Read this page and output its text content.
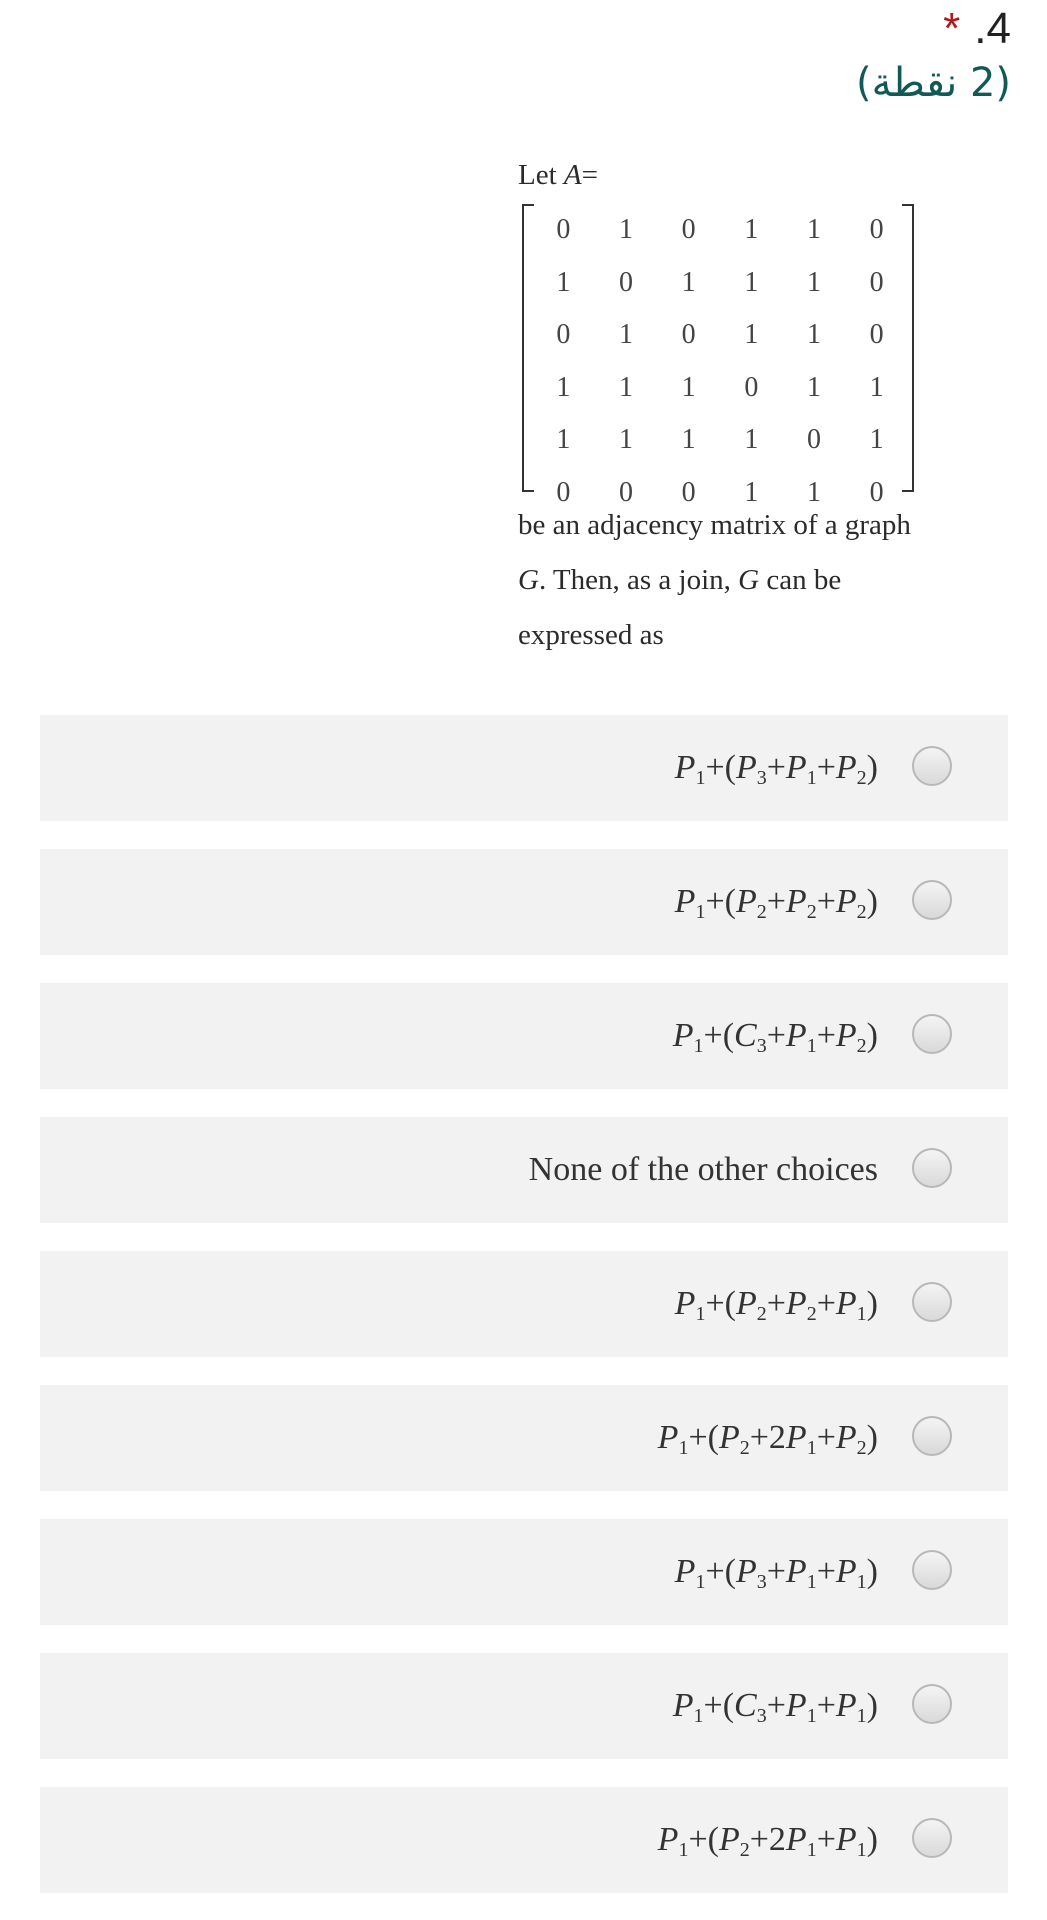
* .4
(2 نقطة)
Let A=
0	1	0	1	1	0
1	0	1	1	1	0
0	1	0	1	1	0
1	1	1	0	1	1
1	1	1	1	0	1
0	0	0	1	1	0
be an adjacency matrix of a graph
G. Then, as a join, G can be
expressed as
$P_1+(P_3+P_1+P_2)$
$P_1+(P_2+P_2+P_2)$
$P_1+(C_3+P_1+P_2)$
None of the other choices
$P_1+(P_2+P_2+P_1)$
$P_1+(P_2+2P_1+P_2)$
$P_1+(P_3+P_1+P_1)$
$P_1+(C_3+P_1+P_1)$
$P_1+(P_2+2P_1+P_1)$
